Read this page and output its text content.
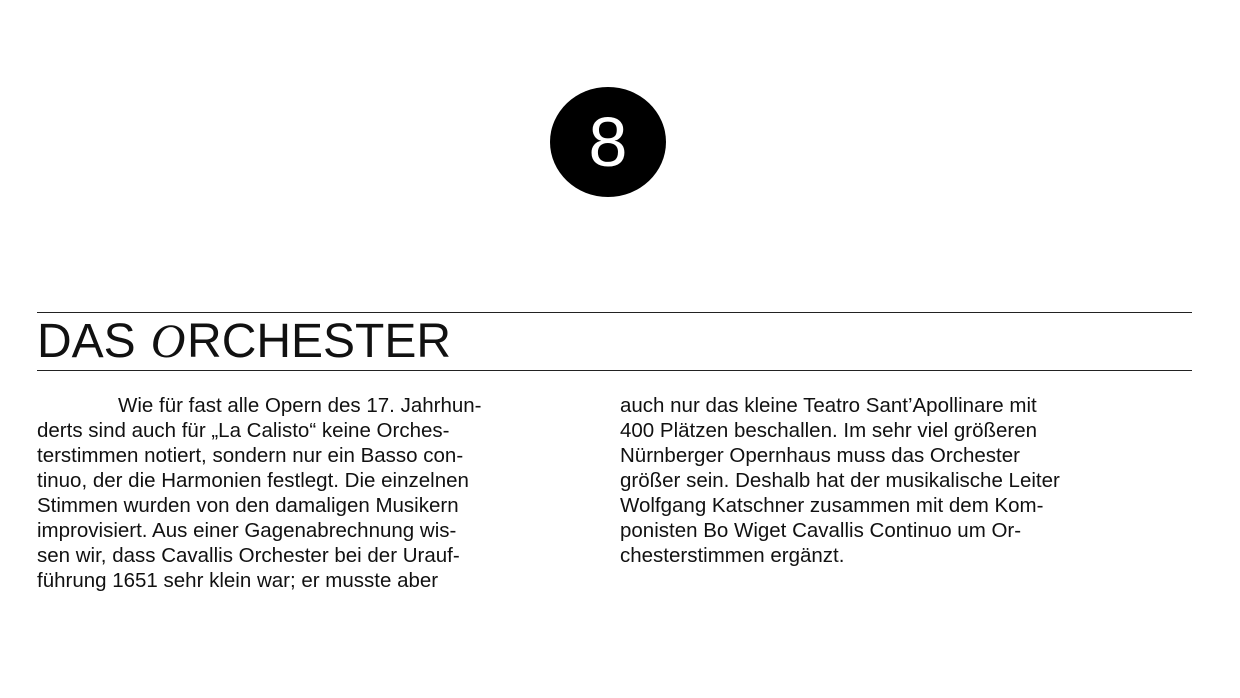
8
DAS ORCHESTER

Wie für fast alle Opern des 17. Jahrhun-
derts sind auch für „La Calisto“ keine Orches-
terstimmen notiert, sondern nur ein Basso con-
tinuo, der die Harmonien festlegt. Die einzelnen
Stimmen wurden von den damaligen Musikern
improvisiert. Aus einer Gagenabrechnung wis-
sen wir, dass Cavallis Orchester bei der Urauf-
führung 1651 sehr klein war; er musste aber

auch nur das kleine Teatro Sant’Apollinare mit
400 Plätzen beschallen. Im sehr viel größeren
Nürnberger Opernhaus muss das Orchester
größer sein. Deshalb hat der musikalische Leiter
Wolfgang Katschner zusammen mit dem Kom-
ponisten Bo Wiget Cavallis Continuo um Or-
chesterstimmen ergänzt.
